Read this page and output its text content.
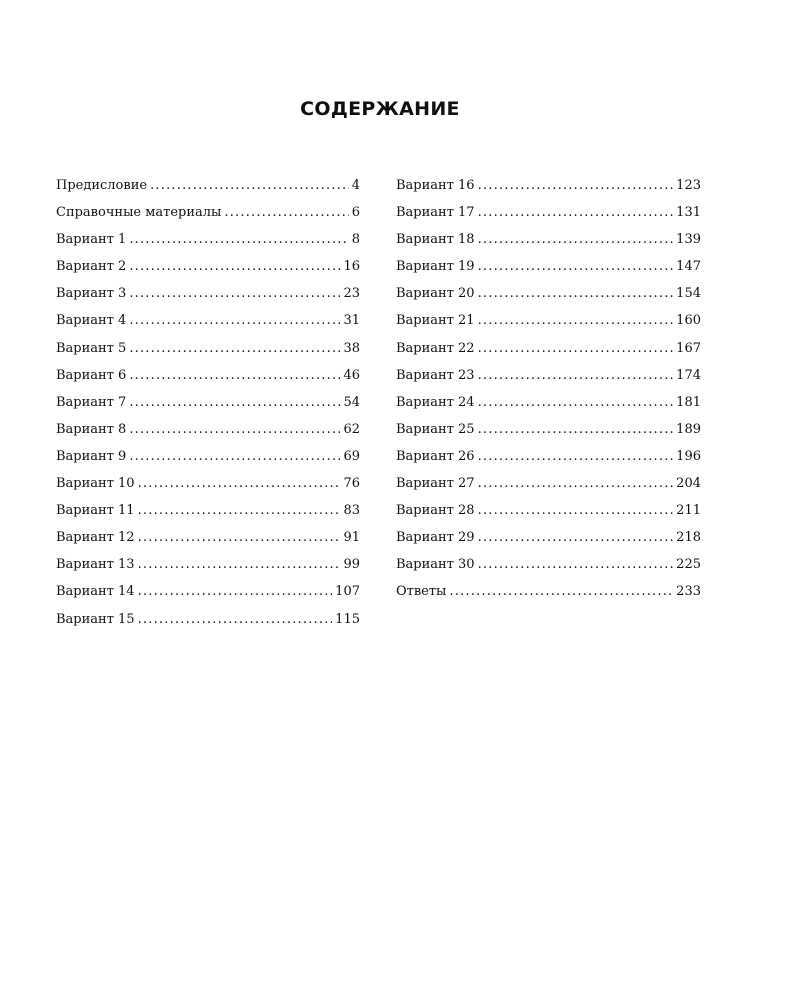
СОДЕРЖАНИЕ
Предисловие .....	4
Справочные материалы .....	6
Вариант 1 .....	8
Вариант 2 .....	16
Вариант 3 .....	23
Вариант 4 .....	31
Вариант 5 .....	38
Вариант 6 .....	46
Вариант 7 .....	54
Вариант 8 .....	62
Вариант 9 .....	69
Вариант 10 .....	76
Вариант 11 .....	83
Вариант 12 .....	91
Вариант 13 .....	99
Вариант 14 .....	107
Вариант 15 .....	115
Вариант 16 .....	123
Вариант 17 .....	131
Вариант 18 .....	139
Вариант 19 .....	147
Вариант 20 .....	154
Вариант 21 .....	160
Вариант 22 .....	167
Вариант 23 .....	174
Вариант 24 .....	181
Вариант 25 .....	189
Вариант 26 .....	196
Вариант 27 .....	204
Вариант 28 .....	211
Вариант 29 .....	218
Вариант 30 .....	225
Ответы .....	233
